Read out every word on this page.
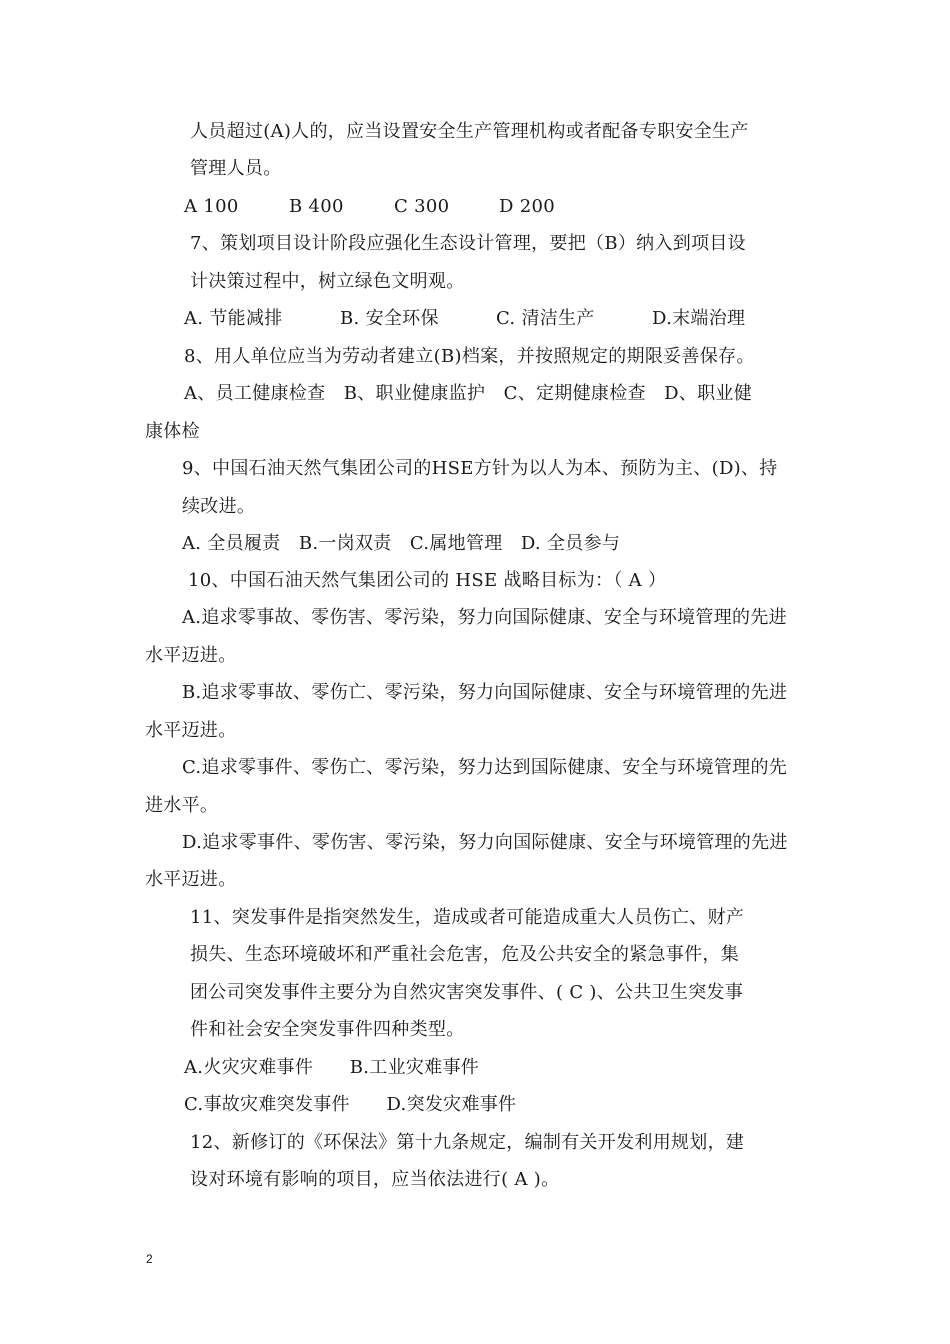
人员超过(A)人的，应当设置安全生产管理机构或者配备专职安全生产
管理人员。
A 100	B 400	C 300	D 200
7、策划项目设计阶段应强化生态设计管理，要把（B）纳入到项目设
计决策过程中，树立绿色文明观。
A. 节能减排	B. 安全环保	C. 清洁生产	D.末端治理
8、用人单位应当为劳动者建立(B)档案，并按照规定的期限妥善保存。
A、员工健康检查　B、职业健康监护　C、定期健康检查　D、职业健
康体检
9、中国石油天然气集团公司的HSE方针为以人为本、预防为主、(D)、持
续改进。
A. 全员履责　B.一岗双责　C.属地管理　D. 全员参与
10、中国石油天然气集团公司的 HSE 战略目标为：（ A ）
A.追求零事故、零伤害、零污染，努力向国际健康、安全与环境管理的先进
水平迈进。
B.追求零事故、零伤亡、零污染，努力向国际健康、安全与环境管理的先进
水平迈进。
C.追求零事件、零伤亡、零污染，努力达到国际健康、安全与环境管理的先
进水平。
D.追求零事件、零伤害、零污染，努力向国际健康、安全与环境管理的先进
水平迈进。
11、突发事件是指突然发生，造成或者可能造成重大人员伤亡、财产
损失、生态环境破坏和严重社会危害，危及公共安全的紧急事件，集
团公司突发事件主要分为自然灾害突发事件、( C )、公共卫生突发事
件和社会安全突发事件四种类型。
A.火灾灾难事件　　B.工业灾难事件
C.事故灾难突发事件　　D.突发灾难事件
12、新修订的《环保法》第十九条规定，编制有关开发利用规划，建
设对环境有影响的项目，应当依法进行( A )。
2
